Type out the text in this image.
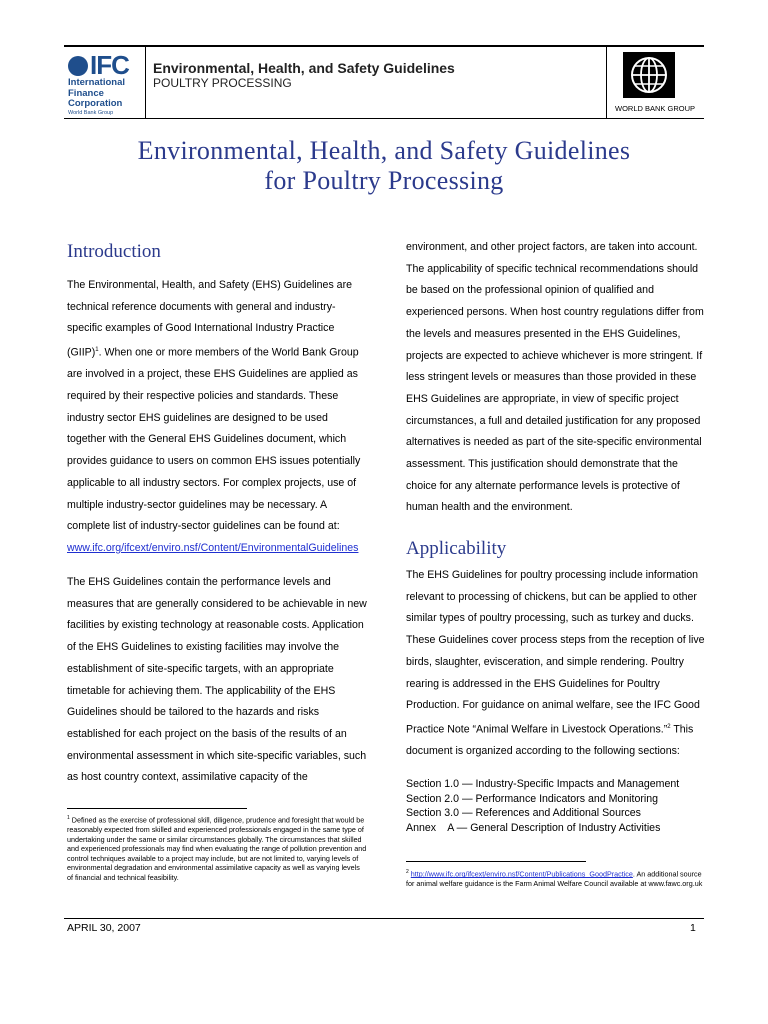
IFC
International
Finance
Corporation
World Bank Group
Environmental, Health, and Safety Guidelines
POULTRY PROCESSING
WORLD BANK GROUP
Environmental, Health, and Safety Guidelines
for Poultry Processing
Introduction
The Environmental, Health, and Safety (EHS) Guidelines are technical reference documents with general and industry-specific examples of Good International Industry Practice (GIIP)$^1$. When one or more members of the World Bank Group are involved in a project, these EHS Guidelines are applied as required by their respective policies and standards. These industry sector EHS guidelines are designed to be used together with the General EHS Guidelines document, which provides guidance to users on common EHS issues potentially applicable to all industry sectors. For complex projects, use of multiple industry-sector guidelines may be necessary. A complete list of industry-sector guidelines can be found at:
www.ifc.org/ifcext/enviro.nsf/Content/EnvironmentalGuidelines
The EHS Guidelines contain the performance levels and measures that are generally considered to be achievable in new facilities by existing technology at reasonable costs. Application of the EHS Guidelines to existing facilities may involve the establishment of site-specific targets, with an appropriate timetable for achieving them. The applicability of the EHS Guidelines should be tailored to the hazards and risks established for each project on the basis of the results of an environmental assessment in which site-specific variables, such as host country context, assimilative capacity of the
$^1$ Defined as the exercise of professional skill, diligence, prudence and foresight that would be reasonably expected from skilled and experienced professionals engaged in the same type of undertaking under the same or similar circumstances globally. The circumstances that skilled and experienced professionals may find when evaluating the range of pollution prevention and control techniques available to a project may include, but are not limited to, varying levels of environmental degradation and environmental assimilative capacity as well as varying levels of financial and technical feasibility.
environment, and other project factors, are taken into account. The applicability of specific technical recommendations should be based on the professional opinion of qualified and experienced persons. When host country regulations differ from the levels and measures presented in the EHS Guidelines, projects are expected to achieve whichever is more stringent. If less stringent levels or measures than those provided in these EHS Guidelines are appropriate, in view of specific project circumstances, a full and detailed justification for any proposed alternatives is needed as part of the site-specific environmental assessment. This justification should demonstrate that the choice for any alternate performance levels is protective of human health and the environment.
Applicability
The EHS Guidelines for poultry processing include information relevant to processing of chickens, but can be applied to other similar types of poultry processing, such as turkey and ducks. These Guidelines cover process steps from the reception of live birds, slaughter, evisceration, and simple rendering. Poultry rearing is addressed in the EHS Guidelines for Poultry Production. For guidance on animal welfare, see the IFC Good Practice Note “Animal Welfare in Livestock Operations.”$^2$ This document is organized according to the following sections:
Section 1.0 — Industry-Specific Impacts and Management
Section 2.0 — Performance Indicators and Monitoring
Section 3.0 — References and Additional Sources
Annex    A — General Description of Industry Activities
$^2$ http://www.ifc.org/ifcext/enviro.nsf/Content/Publications_GoodPractice. An additional source for animal welfare guidance is the Farm Animal Welfare Council available at www.fawc.org.uk
APRIL 30, 2007	1
